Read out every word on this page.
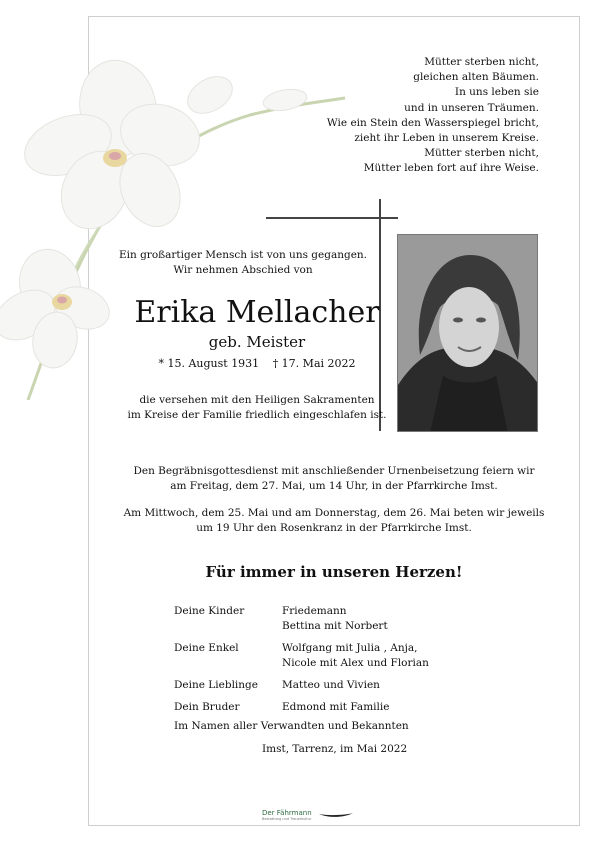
Mütter sterben nicht,
gleichen alten Bäumen.
In uns leben sie
und in unseren Träumen.
Wie ein Stein den Wasserspiegel bricht,
zieht ihr Leben in unserem Kreise.
Mütter sterben nicht,
Mütter leben fort auf ihre Weise.
Ein großartiger Mensch ist von uns gegangen.
Wir nehmen Abschied von
Erika Mellacher
geb. Meister
* 15. August 1931 † 17. Mai 2022
die versehen mit den Heiligen Sakramenten
im Kreise der Familie friedlich eingeschlafen ist.
Den Begräbnisgottesdienst mit anschließender Urnenbeisetzung feiern wir
am Freitag, dem 27. Mai, um 14 Uhr, in der Pfarrkirche Imst.
Am Mittwoch, dem 25. Mai und am Donnerstag, dem 26. Mai beten wir jeweils
um 19 Uhr den Rosenkranz in der Pfarrkirche Imst.
Für immer in unseren Herzen!
Deine Kinder	Friedemann
Bettina mit Norbert
Deine Enkel	Wolfgang mit Julia , Anja,
Nicole mit Alex und Florian
Deine Lieblinge	Matteo und Vivien
Dein Bruder	Edmond mit Familie
Im Namen aller Verwandten und Bekannten
Imst, Tarrenz, im Mai 2022
Der Fährmann
Bestattung und Trauerkultur
